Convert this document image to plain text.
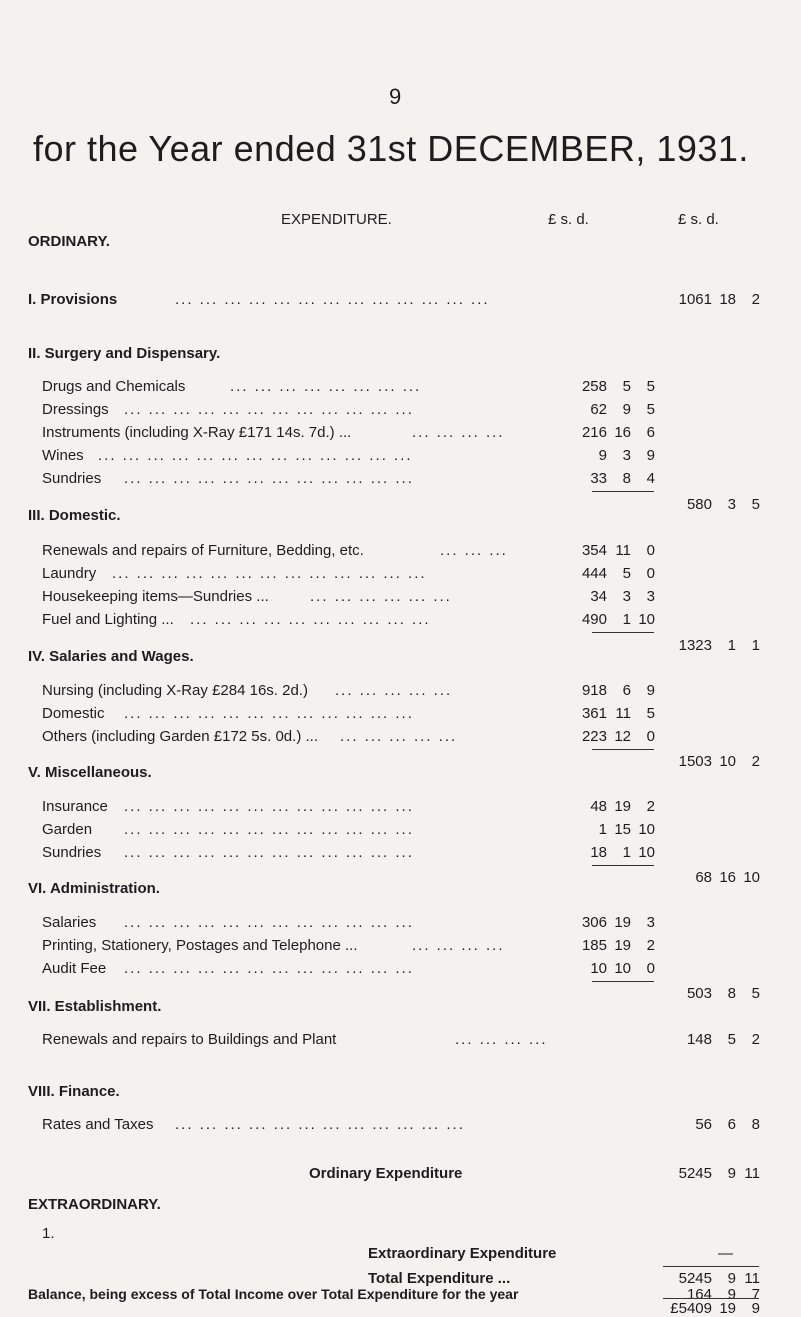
9
for the Year ended 31st DECEMBER, 1931.
EXPENDITURE.	£ s. d.	£ s. d.
ORDINARY.
I. Provisions	... ... ... ... ... ... ... ... ... ... ... ... ...	1061 18	2
II. Surgery and Dispensary.
Drugs and Chemicals	... ... ... ... ... ... ... ...	258	5	5
Dressings ... ... ... ... ... ... ... ... ... ... ... ...	62	9	5
Instruments (including X-Ray £171 14s. 7d.) ...	... ... ... ...	216 16	6
Wines ... ... ... ... ... ... ... ... ... ... ... ... ...	9	3	9
Sundries ... ... ... ... ... ... ... ... ... ... ... ...	33	8	4
580	3	5
III. Domestic.
Renewals and repairs of Furniture, Bedding, etc.	... ... ...	354 11	0
Laundry ... ... ... ... ... ... ... ... ... ... ... ... ...	444	5	0
Housekeeping items—Sundries ...	... ... ... ... ... ...	34	3	3
Fuel and Lighting ... ... ... ... ... ... ... ... ... ... ...	490	1 10
1323	1	1
IV. Salaries and Wages.
Nursing (including X-Ray £284 16s. 2d.) ... ... ... ... ...	918	6	9
Domestic ... ... ... ... ... ... ... ... ... ... ... ...	361 11	5
Others (including Garden £172 5s. 0d.) ... ... ... ... ... ...	223 12	0
1503 10	2
V. Miscellaneous.
Insurance ... ... ... ... ... ... ... ... ... ... ... ...	48 19	2
Garden ... ... ... ... ... ... ... ... ... ... ... ...	1 15 10
Sundries ... ... ... ... ... ... ... ... ... ... ... ...	18	1 10
68 16 10
VI. Administration.
Salaries ... ... ... ... ... ... ... ... ... ... ... ...	306 19	3
Printing, Stationery, Postages and Telephone ...	... ... ... ...	185 19	2
Audit Fee ... ... ... ... ... ... ... ... ... ... ... ...	10 10	0
503	8	5
VII. Establishment.
Renewals and repairs to Buildings and Plant	... ... ... ...	148	5	2
VIII. Finance.
Rates and Taxes ... ... ... ... ... ... ... ... ... ... ... ...	56	6	8
Ordinary Expenditure	5245	9 11
EXTRAORDINARY.
1.
Extraordinary Expenditure	—
Total Expenditure ...	5245	9 11
Balance, being excess of Total Income over Total Expenditure for the year	164	9	7
£5409 19	9
